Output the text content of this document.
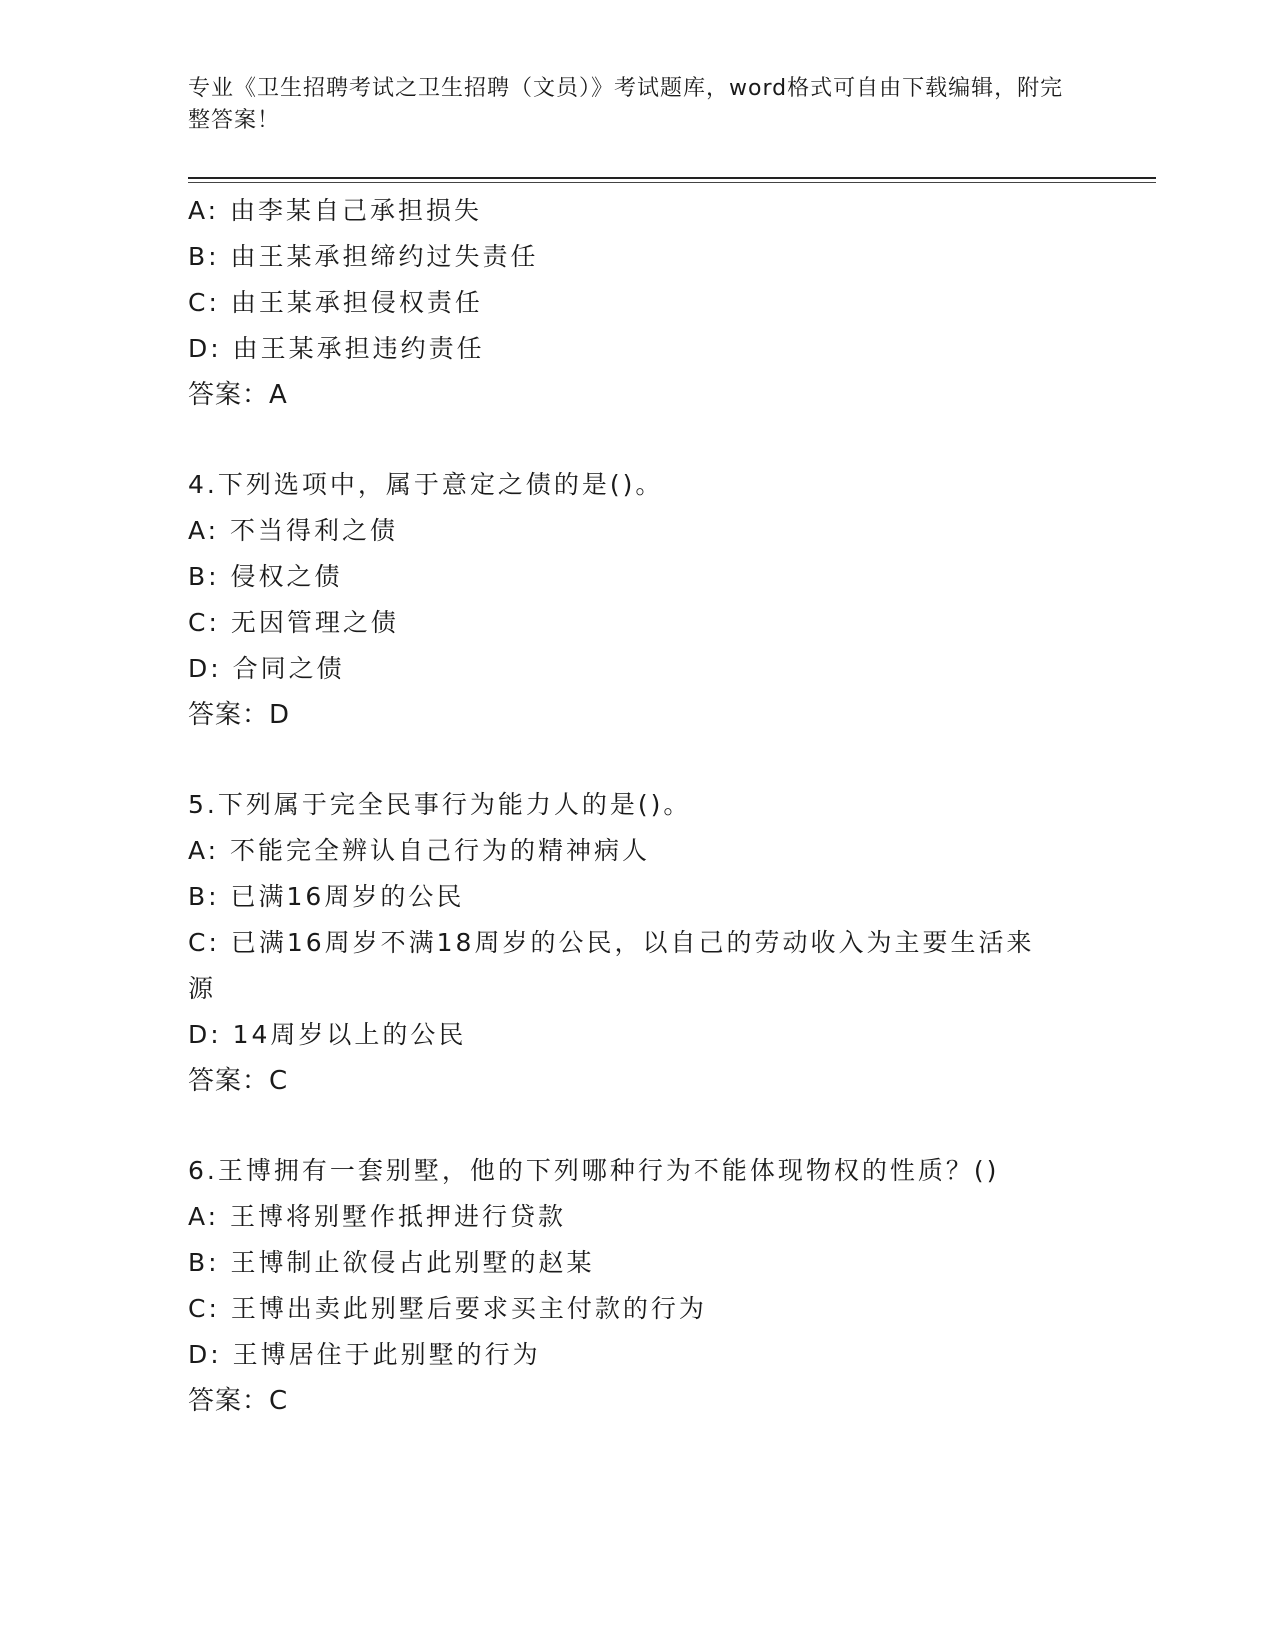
专业《卫生招聘考试之卫生招聘（文员）》考试题库，word格式可自由下载编辑，附完整答案！
A: 由李某自己承担损失
B: 由王某承担缔约过失责任
C: 由王某承担侵权责任
D: 由王某承担违约责任
答案：A
4.下列选项中，属于意定之债的是()。
A: 不当得利之债
B: 侵权之债
C: 无因管理之债
D: 合同之债
答案：D
5.下列属于完全民事行为能力人的是()。
A: 不能完全辨认自己行为的精神病人
B: 已满16周岁的公民
C: 已满16周岁不满18周岁的公民，以自己的劳动收入为主要生活来源
D: 14周岁以上的公民
答案：C
6.王博拥有一套别墅，他的下列哪种行为不能体现物权的性质？()
A: 王博将别墅作抵押进行贷款
B: 王博制止欲侵占此别墅的赵某
C: 王博出卖此别墅后要求买主付款的行为
D: 王博居住于此别墅的行为
答案：C
